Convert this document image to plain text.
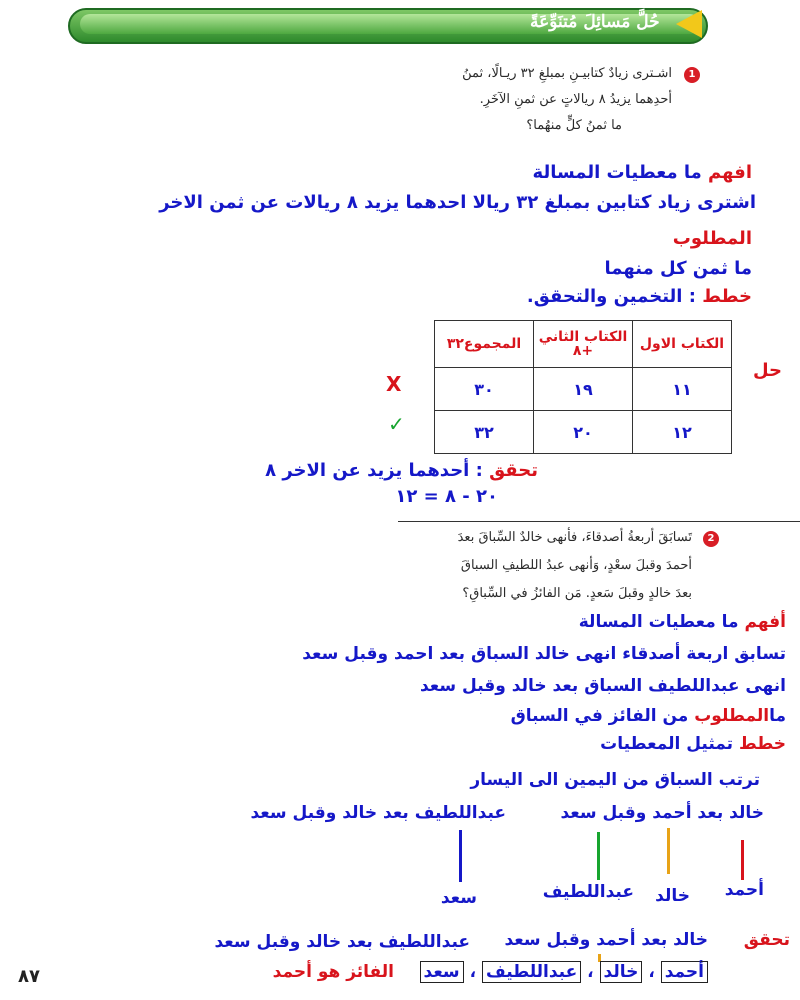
حُلَّ مَسائِلَ مُتنَوِّعَةً
1
اشـترى زيادٌ كتابيـنِ بمبلغِ ٣٢ ريـالًا، ثمنُ
أحدِهما يزيدُ ٨ ريالاتٍ عن ثمنِ الآخَرِ.
ما ثمنُ كلٍّ منهُما؟
افهم ما معطيات المسالة
اشترى زياد كتابين بمبلغ ٣٢ ريالا احدهما يزيد ٨ ريالات عن ثمن الاخر
المطلوب
ما ثمن كل منهما
خطط : التخمين والتحقق.
حل
الكتاب الاول	الكتاب الثاني +٨	المجموع٣٢
١١	١٩	٣٠
١٢	٢٠	٣٢
X
✓
تحقق : أحدهما يزيد عن الاخر ٨
٢٠ - ٨ = ١٢
2
تَسابَقَ أربعةُ أصدقاءَ، فأنهى خالدٌ السِّباقَ بعدَ
أحمدَ وقبلَ سعْدٍ، وَأنهى عبدُ اللطيفِ السباقَ
بعدَ خالدٍ وقبلَ سَعدٍ. مَن الفائزُ في السِّباقِ؟
أفهم ما معطيات المسالة
تسابق اربعة أصدقاء انهى خالد السباق بعد احمد وقبل سعد
انهى عبداللطيف السباق بعد خالد وقبل سعد
ماالمطلوب من الفائز في السباق
خطط تمثيل المعطيات
ترتب السباق من اليمين الى اليسار
خالد بعد أحمد وقبل سعد
عبداللطيف بعد خالد وقبل سعد
أحمد
خالد
عبداللطيف
سعد
تحقق
خالد بعد أحمد وقبل سعد
عبداللطيف بعد خالد وقبل سعد
أحمد ، خالد ، عبداللطيف ، سعد
الفائز هو أحمد
٨٧
